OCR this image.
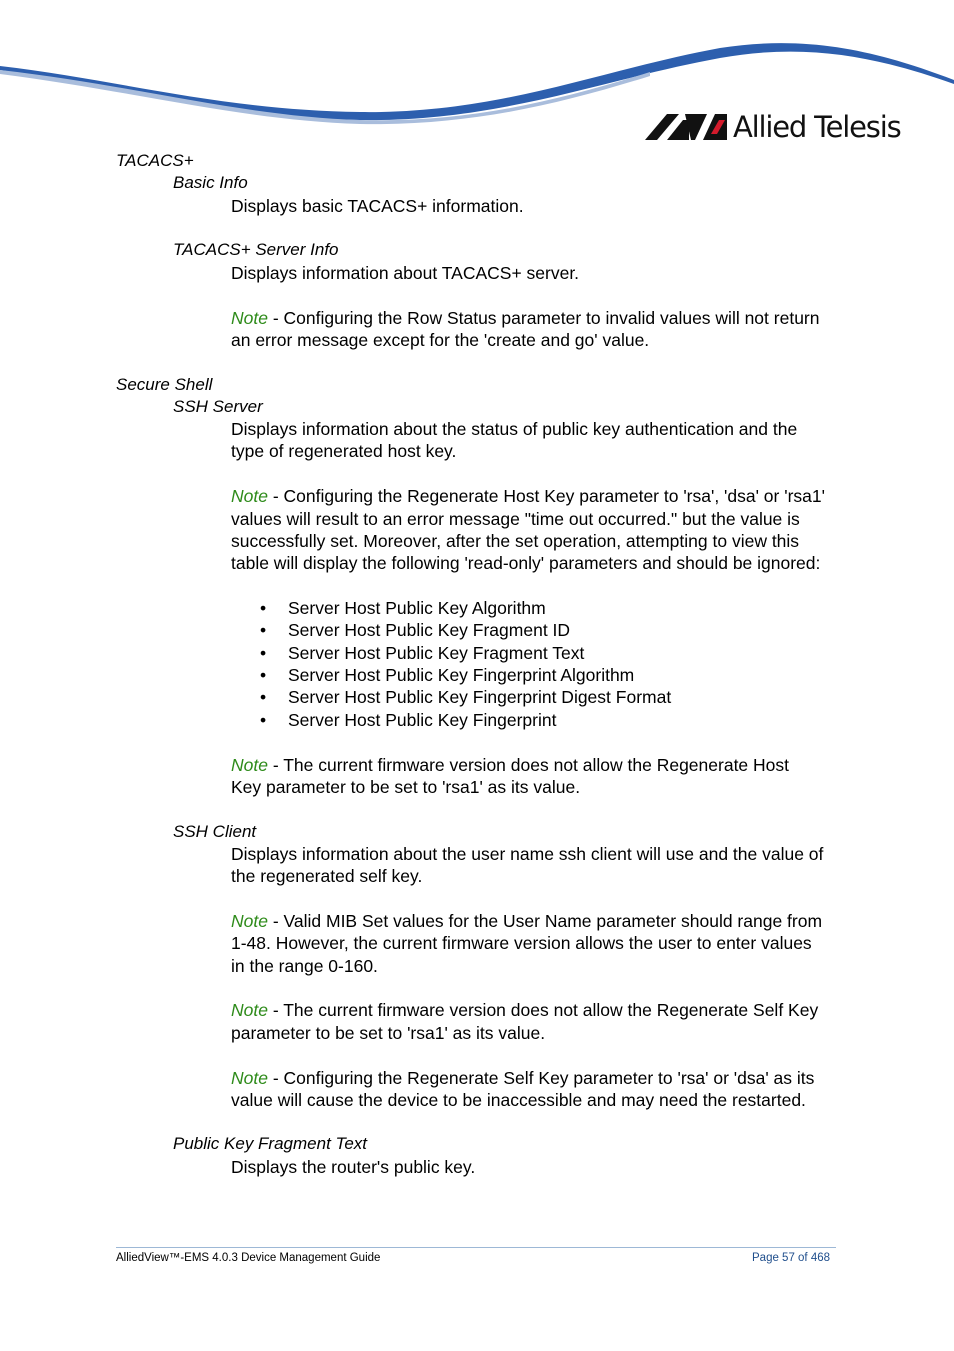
Allied Telesis
TACACS+
Basic Info
Displays basic TACACS+ information.
TACACS+ Server Info
Displays information about TACACS+ server.
Note - Configuring the Row Status parameter to invalid values will not return
an error message except for the 'create and go' value.
Secure Shell
SSH Server
Displays information about the status of public key authentication and the
type of regenerated host key.
Note - Configuring the Regenerate Host Key parameter to 'rsa', 'dsa' or 'rsa1'
values will result to an error message "time out occurred." but the value is
successfully set. Moreover, after the set operation, attempting to view this
table will display the following 'read-only' parameters and should be ignored:
• Server Host Public Key Algorithm
• Server Host Public Key Fragment ID
• Server Host Public Key Fragment Text
• Server Host Public Key Fingerprint Algorithm
• Server Host Public Key Fingerprint Digest Format
• Server Host Public Key Fingerprint
Note - The current firmware version does not allow the Regenerate Host
Key parameter to be set to 'rsa1' as its value.
SSH Client
Displays information about the user name ssh client will use and the value of
the regenerated self key.
Note - Valid MIB Set values for the User Name parameter should range from
1-48. However, the current firmware version allows the user to enter values
in the range 0-160.
Note - The current firmware version does not allow the Regenerate Self Key
parameter to be set to 'rsa1' as its value.
Note - Configuring the Regenerate Self Key parameter to 'rsa' or 'dsa' as its
value will cause the device to be inaccessible and may need the restarted.
Public Key Fragment Text
Displays the router's public key.
AlliedView™-EMS 4.0.3 Device Management Guide	Page 57 of 468
